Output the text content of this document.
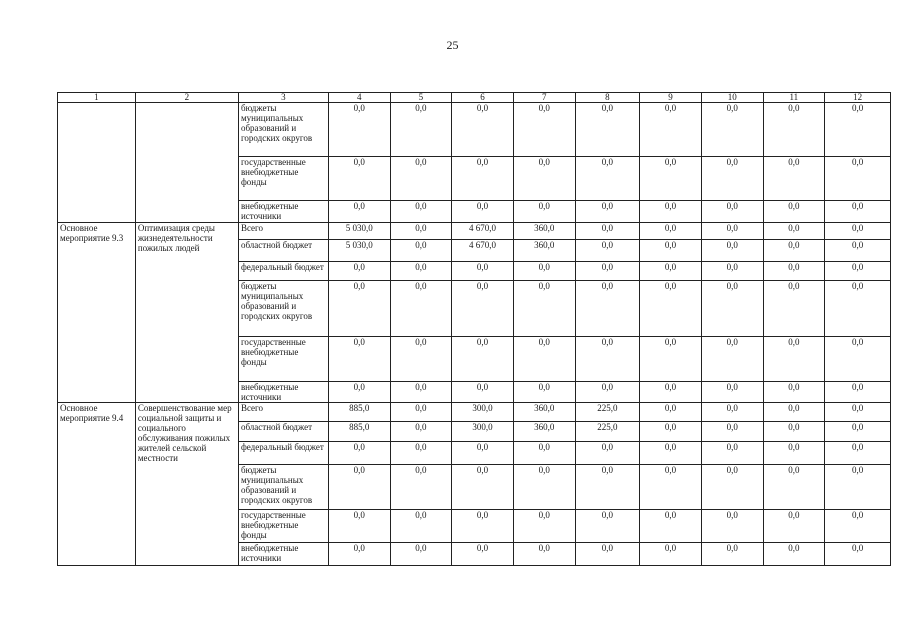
25
1	2	3	4	5	6	7	8	9	10	11	12
		бюджеты муниципальных образований и городских округов	0,0	0,0	0,0	0,0	0,0	0,0	0,0	0,0	0,0
		государственные внебюджетные фонды	0,0	0,0	0,0	0,0	0,0	0,0	0,0	0,0	0,0
		внебюджетные источники	0,0	0,0	0,0	0,0	0,0	0,0	0,0	0,0	0,0
Основное мероприятие 9.3	Оптимизация среды жизнедеятельности пожилых людей	Всего	5 030,0	0,0	4 670,0	360,0	0,0	0,0	0,0	0,0	0,0
		областной бюджет	5 030,0	0,0	4 670,0	360,0	0,0	0,0	0,0	0,0	0,0
		федеральный бюджет	0,0	0,0	0,0	0,0	0,0	0,0	0,0	0,0	0,0
		бюджеты муниципальных образований и городских округов	0,0	0,0	0,0	0,0	0,0	0,0	0,0	0,0	0,0
		государственные внебюджетные фонды	0,0	0,0	0,0	0,0	0,0	0,0	0,0	0,0	0,0
		внебюджетные источники	0,0	0,0	0,0	0,0	0,0	0,0	0,0	0,0	0,0
Основное мероприятие 9.4	Совершенствование мер социальной защиты и социального обслуживания пожилых жителей сельской местности	Всего	885,0	0,0	300,0	360,0	225,0	0,0	0,0	0,0	0,0
		областной бюджет	885,0	0,0	300,0	360,0	225,0	0,0	0,0	0,0	0,0
		федеральный бюджет	0,0	0,0	0,0	0,0	0,0	0,0	0,0	0,0	0,0
		бюджеты муниципальных образований и городских округов	0,0	0,0	0,0	0,0	0,0	0,0	0,0	0,0	0,0
		государственные внебюджетные фонды	0,0	0,0	0,0	0,0	0,0	0,0	0,0	0,0	0,0
		внебюджетные источники	0,0	0,0	0,0	0,0	0,0	0,0	0,0	0,0	0,0
